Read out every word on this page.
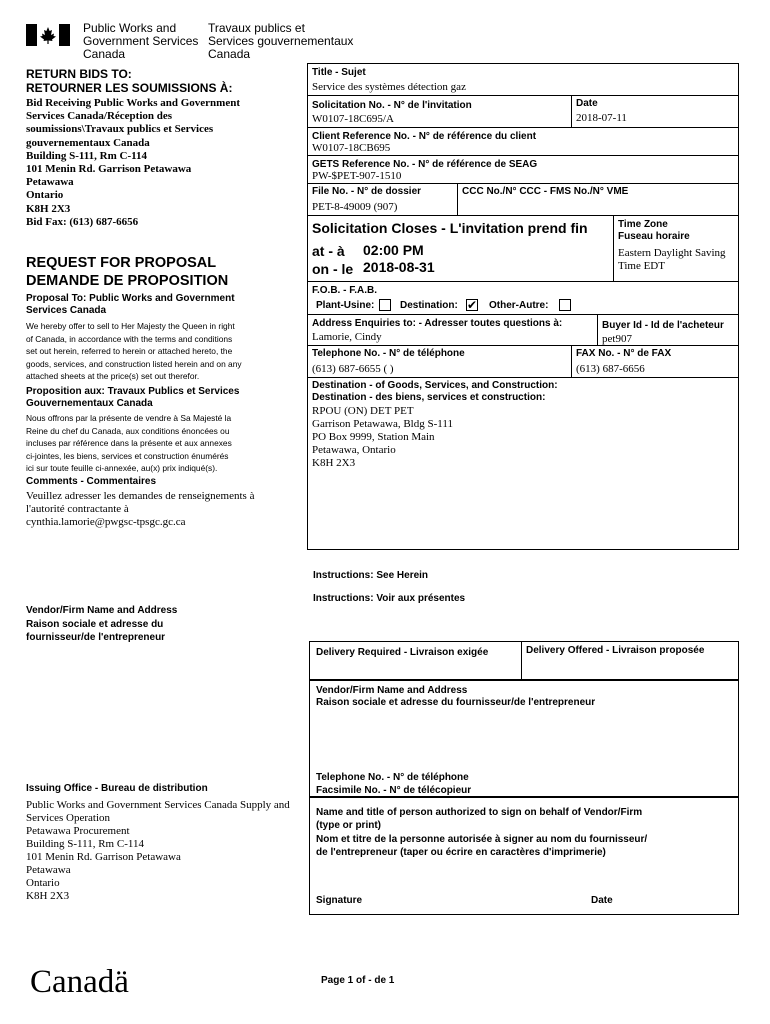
Public Works and
Government Services
Canada
Travaux publics et
Services gouvernementaux
Canada
RETURN BIDS TO:
RETOURNER LES SOUMISSIONS À:
Bid Receiving Public Works and Government
Services Canada/Réception des
soumissions\Travaux publics et Services
gouvernementaux Canada
Building S-111, Rm C-114
101 Menin Rd. Garrison Petawawa
Petawawa
Ontario
K8H 2X3
Bid Fax: (613) 687-6656
REQUEST FOR PROPOSAL
DEMANDE DE PROPOSITION
Proposal To: Public Works and Government
Services Canada
We hereby offer to sell to Her Majesty the Queen in right
of Canada, in accordance with the terms and conditions
set out herein, referred to herein or attached hereto, the
goods, services, and construction listed herein and on any
attached sheets at the price(s) set out therefor.
Proposition aux: Travaux Publics et Services
Gouvernementaux Canada
Nous offrons par la présente de vendre à Sa Majesté la
Reine du chef du Canada, aux conditions énoncées ou
incluses par référence dans la présente et aux annexes
ci-jointes, les biens, services et construction énumérés
ici sur toute feuille ci-annexée, au(x) prix indiqué(s).
Comments - Commentaires
Veuillez adresser les demandes de renseignements à
l'autorité contractante à
cynthia.lamorie@pwgsc-tpsgc.gc.ca
Vendor/Firm Name and Address
Raison sociale et adresse du
fournisseur/de l'entrepreneur
Issuing Office - Bureau de distribution
Public Works and Government Services Canada Supply and
Services Operation
Petawawa Procurement
Building S-111, Rm C-114
101 Menin Rd. Garrison Petawawa
Petawawa
Ontario
K8H 2X3
Canadä
Title - Sujet
Service des systèmes détection gaz
Solicitation No. - N° de l'invitation
W0107-18C695/A
Date
2018-07-11
Client Reference No. - N° de référence du client
W0107-18CB695
GETS Reference No. - N° de référence de SEAG
PW-$PET-907-1510
File No. - N° de dossier
PET-8-49009 (907)
CCC No./N° CCC - FMS No./N° VME
Solicitation Closes - L'invitation prend fin
at - à 02:00 PM
on - le 2018-08-31
Time Zone
Fuseau horaire
Eastern Daylight Saving
Time EDT
F.O.B. - F.A.B.
Plant-Usine:	Destination: ✔ Other-Autre:
Address Enquiries to: - Adresser toutes questions à:
Lamorie, Cindy
Buyer Id - Id de l'acheteur
pet907
Telephone No. - N° de téléphone
(613) 687-6655 ( )
FAX No. - N° de FAX
(613) 687-6656
Destination - of Goods, Services, and Construction:
Destination - des biens, services et construction:
RPOU (ON) DET PET
Garrison Petawawa, Bldg S-111
PO Box 9999, Station Main
Petawawa, Ontario
K8H 2X3
Instructions: See Herein
Instructions: Voir aux présentes
Delivery Required - Livraison exigée	Delivery Offered - Livraison proposée
Vendor/Firm Name and Address
Raison sociale et adresse du fournisseur/de l'entrepreneur
Telephone No. - N° de téléphone
Facsimile No. - N° de télécopieur
Name and title of person authorized to sign on behalf of Vendor/Firm
(type or print)
Nom et titre de la personne autorisée à signer au nom du fournisseur/
de l'entrepreneur (taper ou écrire en caractères d'imprimerie)
Signature	Date
Page 1 of - de 1
